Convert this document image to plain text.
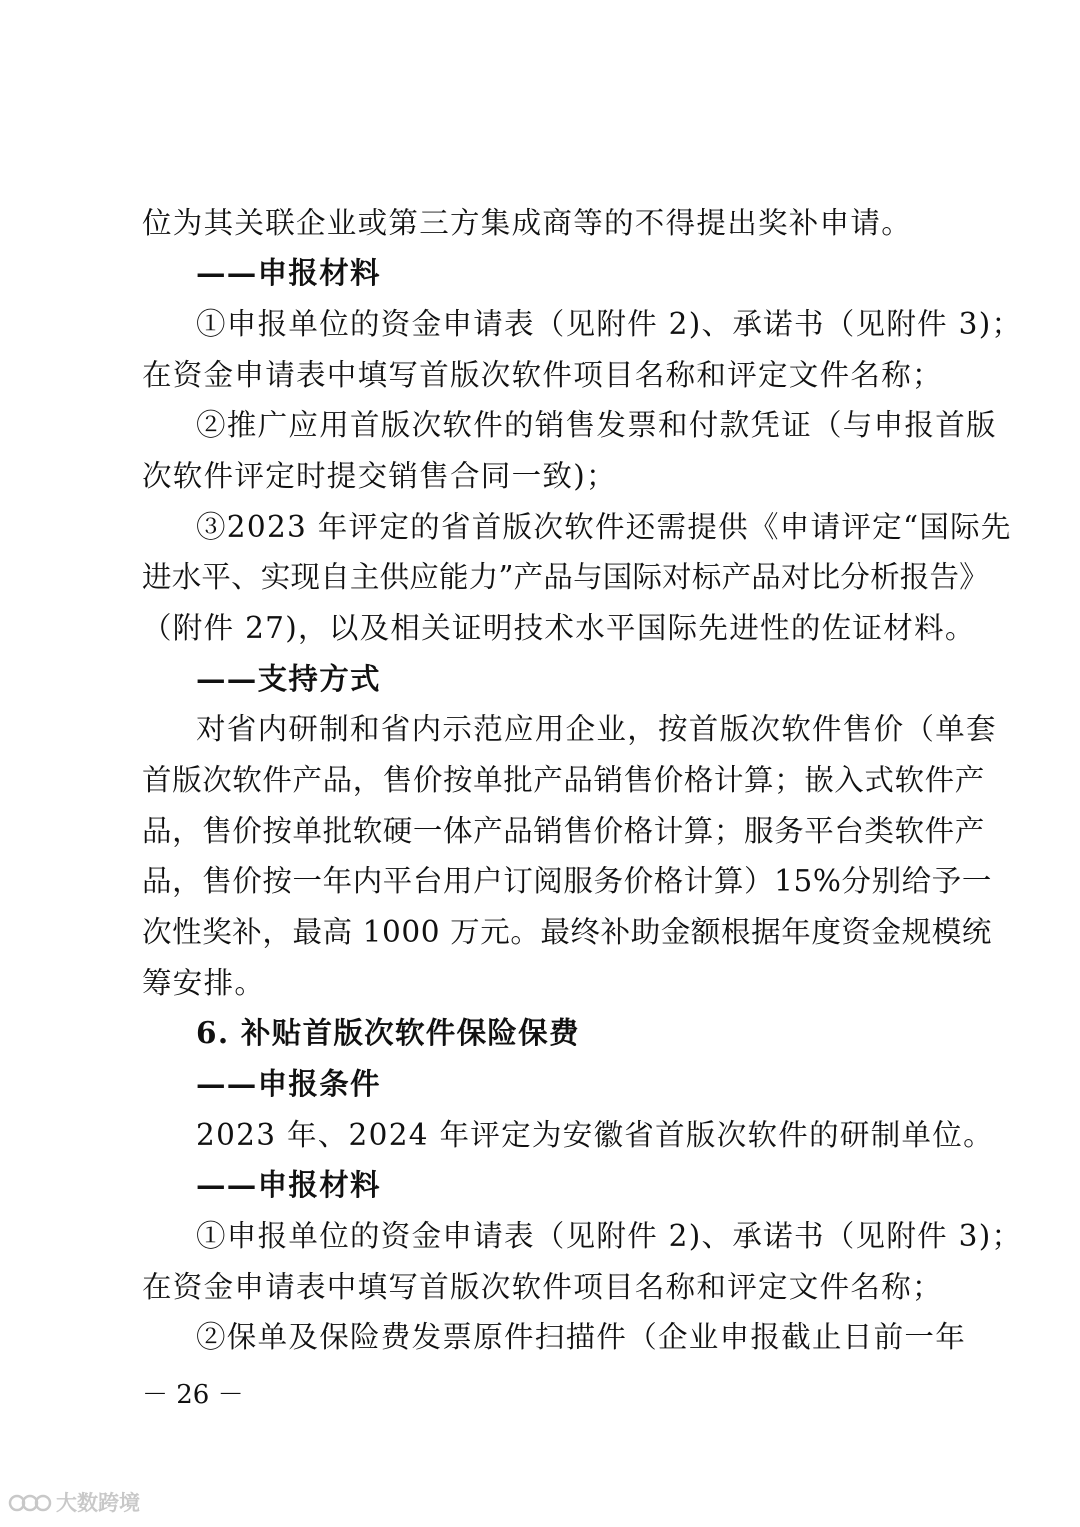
位为其关联企业或第三方集成商等的不得提出奖补申请。
——申报材料
①申报单位的资金申请表（见附件 2)、承诺书（见附件 3)；
在资金申请表中填写首版次软件项目名称和评定文件名称；
②推广应用首版次软件的销售发票和付款凭证（与申报首版
次软件评定时提交销售合同一致)；
③2023 年评定的省首版次软件还需提供《申请评定“国际先
进水平、实现自主供应能力”产品与国际对标产品对比分析报告》
（附件 27)，以及相关证明技术水平国际先进性的佐证材料。
——支持方式
对省内研制和省内示范应用企业，按首版次软件售价（单套
首版次软件产品，售价按单批产品销售价格计算；嵌入式软件产
品，售价按单批软硬一体产品销售价格计算；服务平台类软件产
品，售价按一年内平台用户订阅服务价格计算）15%分别给予一
次性奖补，最高 1000 万元。最终补助金额根据年度资金规模统
筹安排。
6. 补贴首版次软件保险保费
——申报条件
2023 年、2024 年评定为安徽省首版次软件的研制单位。
——申报材料
①申报单位的资金申请表（见附件 2)、承诺书（见附件 3)；
在资金申请表中填写首版次软件项目名称和评定文件名称；
②保单及保险费发票原件扫描件（企业申报截止日前一年
－ 26 －
大数跨境
